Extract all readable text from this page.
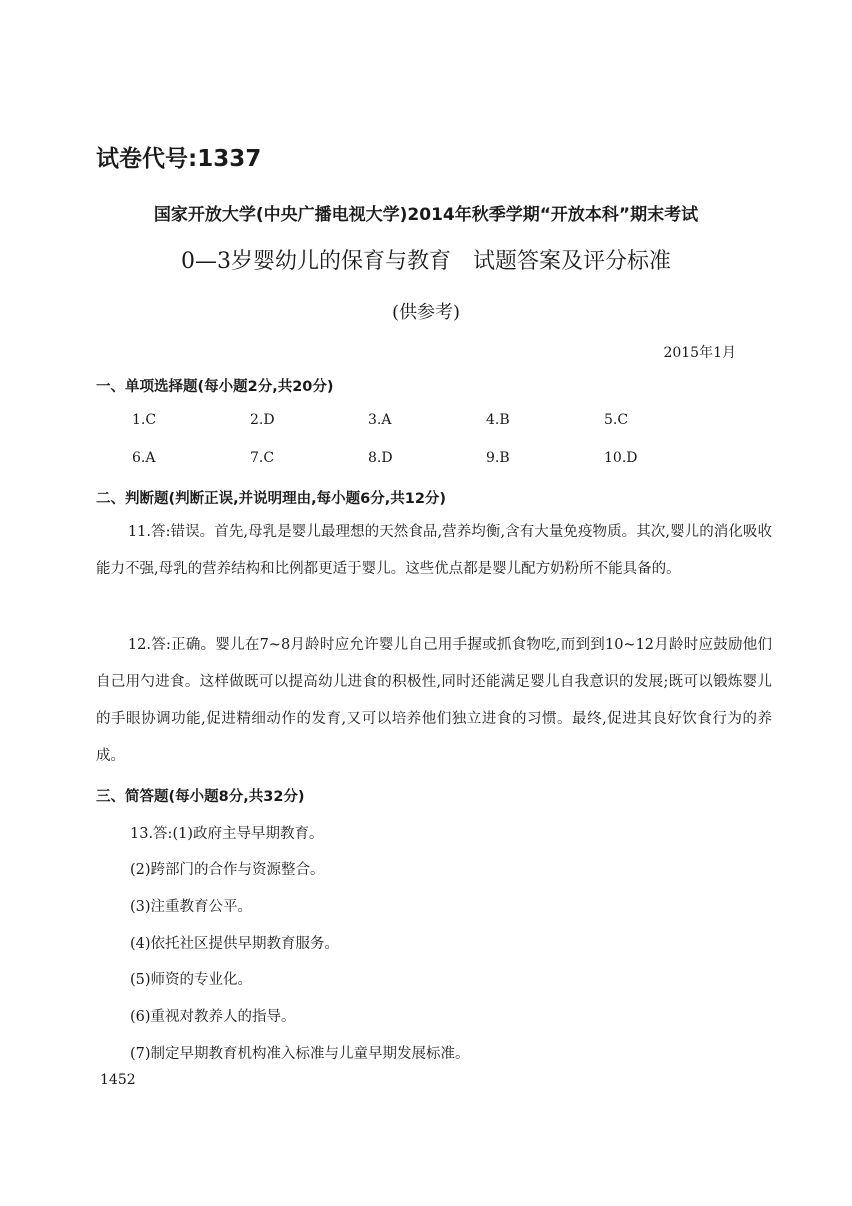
试卷代号:1337
国家开放大学(中央广播电视大学)2014年秋季学期“开放本科”期末考试
0—3岁婴幼儿的保育与教育　试题答案及评分标准
(供参考)
2015年1月
一、单项选择题(每小题2分,共20分)
1.C	2.D	3.A	4.B	5.C
6.A	7.C	8.D	9.B	10.D
二、判断题(判断正误,并说明理由,每小题6分,共12分)
11.答:错误。首先,母乳是婴儿最理想的天然食品,营养均衡,含有大量免疫物质。其次,婴儿的消化吸收能力不强,母乳的营养结构和比例都更适于婴儿。这些优点都是婴儿配方奶粉所不能具备的。
12.答:正确。婴儿在7~8月龄时应允许婴儿自己用手握或抓食物吃,而到到10~12月龄时应鼓励他们自己用勺进食。这样做既可以提高幼儿进食的积极性,同时还能满足婴儿自我意识的发展;既可以锻炼婴儿的手眼协调功能,促进精细动作的发育,又可以培养他们独立进食的习惯。最终,促进其良好饮食行为的养成。
三、简答题(每小题8分,共32分)
13.答:(1)政府主导早期教育。
(2)跨部门的合作与资源整合。
(3)注重教育公平。
(4)依托社区提供早期教育服务。
(5)师资的专业化。
(6)重视对教养人的指导。
(7)制定早期教育机构准入标准与儿童早期发展标准。
1452
